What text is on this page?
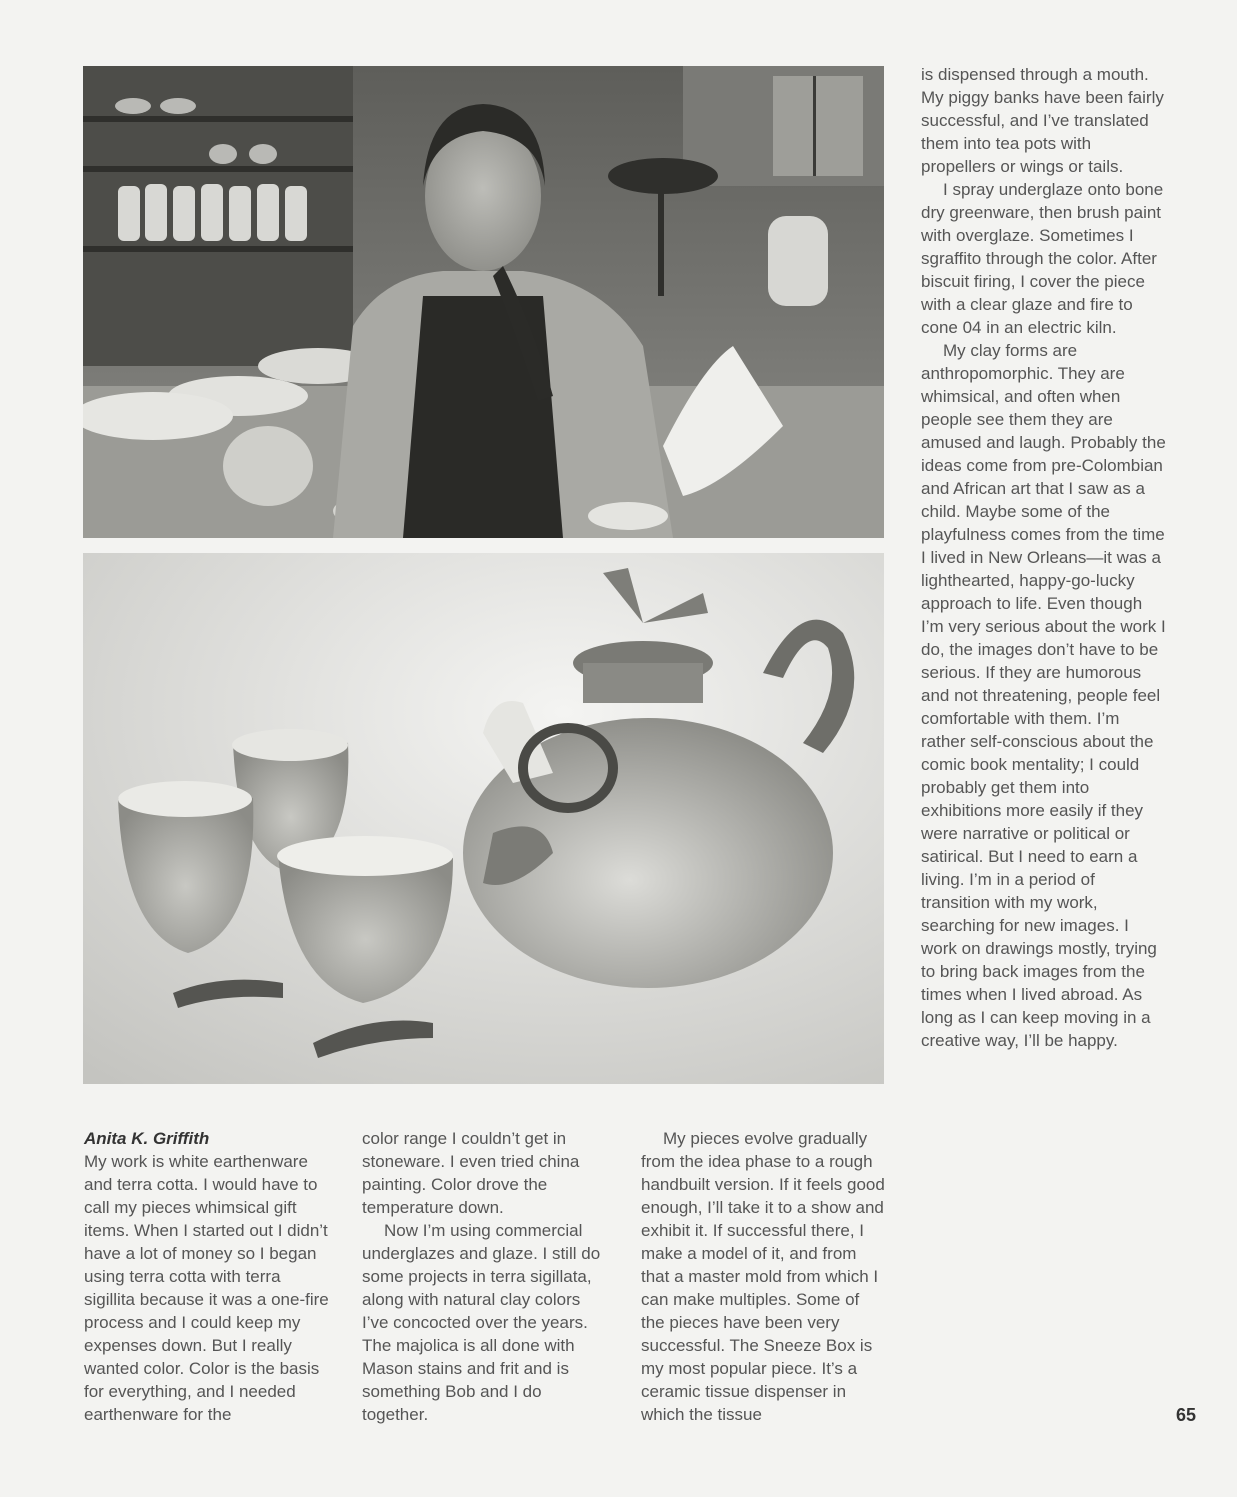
Anita K. Griffith

My work is white earthenware and terra cotta. I would have to call my pieces whimsical gift items. When I started out I didn’t have a lot of money so I began using terra cotta with terra sigillita because it was a one-fire process and I could keep my expenses down. But I really wanted color. Color is the basis for everything, and I needed earthenware for the

color range I couldn’t get in stoneware. I even tried china painting. Color drove the temperature down.

Now I’m using commercial underglazes and glaze. I still do some projects in terra sigillata, along with natural clay colors I’ve concocted over the years. The majolica is all done with Mason stains and frit and is something Bob and I do together.

My pieces evolve gradually from the idea phase to a rough handbuilt version. If it feels good enough, I’ll take it to a show and exhibit it. If successful there, I make a model of it, and from that a master mold from which I can make multiples. Some of the pieces have been very successful. The Sneeze Box is my most popular piece. It’s a ceramic tissue dispenser in which the tissue

is dispensed through a mouth. My piggy banks have been fairly successful, and I’ve translated them into tea pots with propellers or wings or tails.

I spray underglaze onto bone dry greenware, then brush paint with overglaze. Sometimes I sgraffito through the color. After biscuit firing, I cover the piece with a clear glaze and fire to cone 04 in an electric kiln.

My clay forms are anthropomorphic. They are whimsical, and often when people see them they are amused and laugh. Probably the ideas come from pre-Colombian and African art that I saw as a child. Maybe some of the playfulness comes from the time I lived in New Orleans—it was a lighthearted, happy-go-lucky approach to life. Even though I’m very serious about the work I do, the images don’t have to be serious. If they are humorous and not threatening, people feel comfortable with them. I’m rather self-conscious about the comic book mentality; I could probably get them into exhibitions more easily if they were narrative or political or satirical. But I need to earn a living. I’m in a period of transition with my work, searching for new images. I work on drawings mostly, trying to bring back images from the times when I lived abroad. As long as I can keep moving in a creative way, I’ll be happy.

65
